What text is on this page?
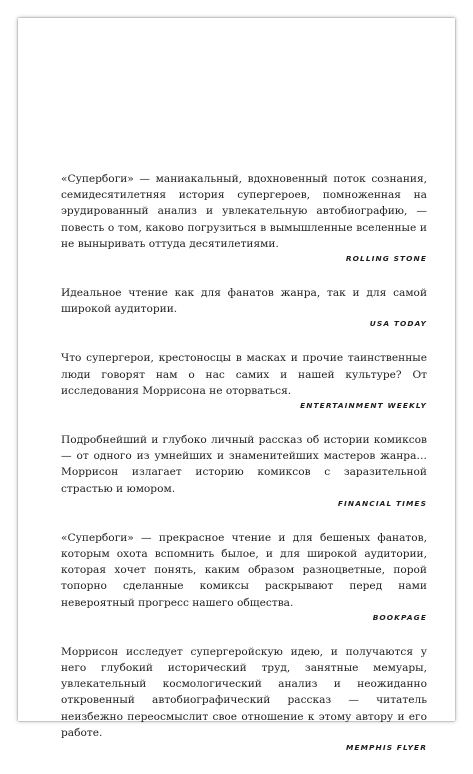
«Супербоги» — маниакальный, вдохновенный поток сознания, семидесятилетняя история супергероев, помноженная на эрудированный анализ и увлекательную автобиографию, — повесть о том, каково погрузиться в вымышленные вселенные и не выныривать оттуда десятилетиями.

ROLLING STONE

Идеальное чтение как для фанатов жанра, так и для самой широкой аудитории.

USA TODAY

Что супергерои, крестоносцы в масках и прочие таинственные люди говорят нам о нас самих и нашей культуре? От исследования Моррисона не оторваться.

ENTERTAINMENT WEEKLY

Подробнейший и глубоко личный рассказ об истории комиксов — от одного из умнейших и знаменитейших мастеров жанра… Моррисон излагает историю комиксов с заразительной страстью и юмором.

FINANCIAL TIMES

«Супербоги» — прекрасное чтение и для бешеных фанатов, которым охота вспомнить былое, и для широкой аудитории, которая хочет понять, каким образом разноцветные, порой топорно сделанные комиксы раскрывают перед нами невероятный прогресс нашего общества.

BOOKPAGE

Моррисон исследует супергеройскую идею, и получаются у него глубокий исторический труд, занятные мемуары, увлекательный космологический анализ и неожиданно откровенный автобиографический рассказ — читатель неизбежно переосмыслит свое отношение к этому автору и его работе.

MEMPHIS FLYER
